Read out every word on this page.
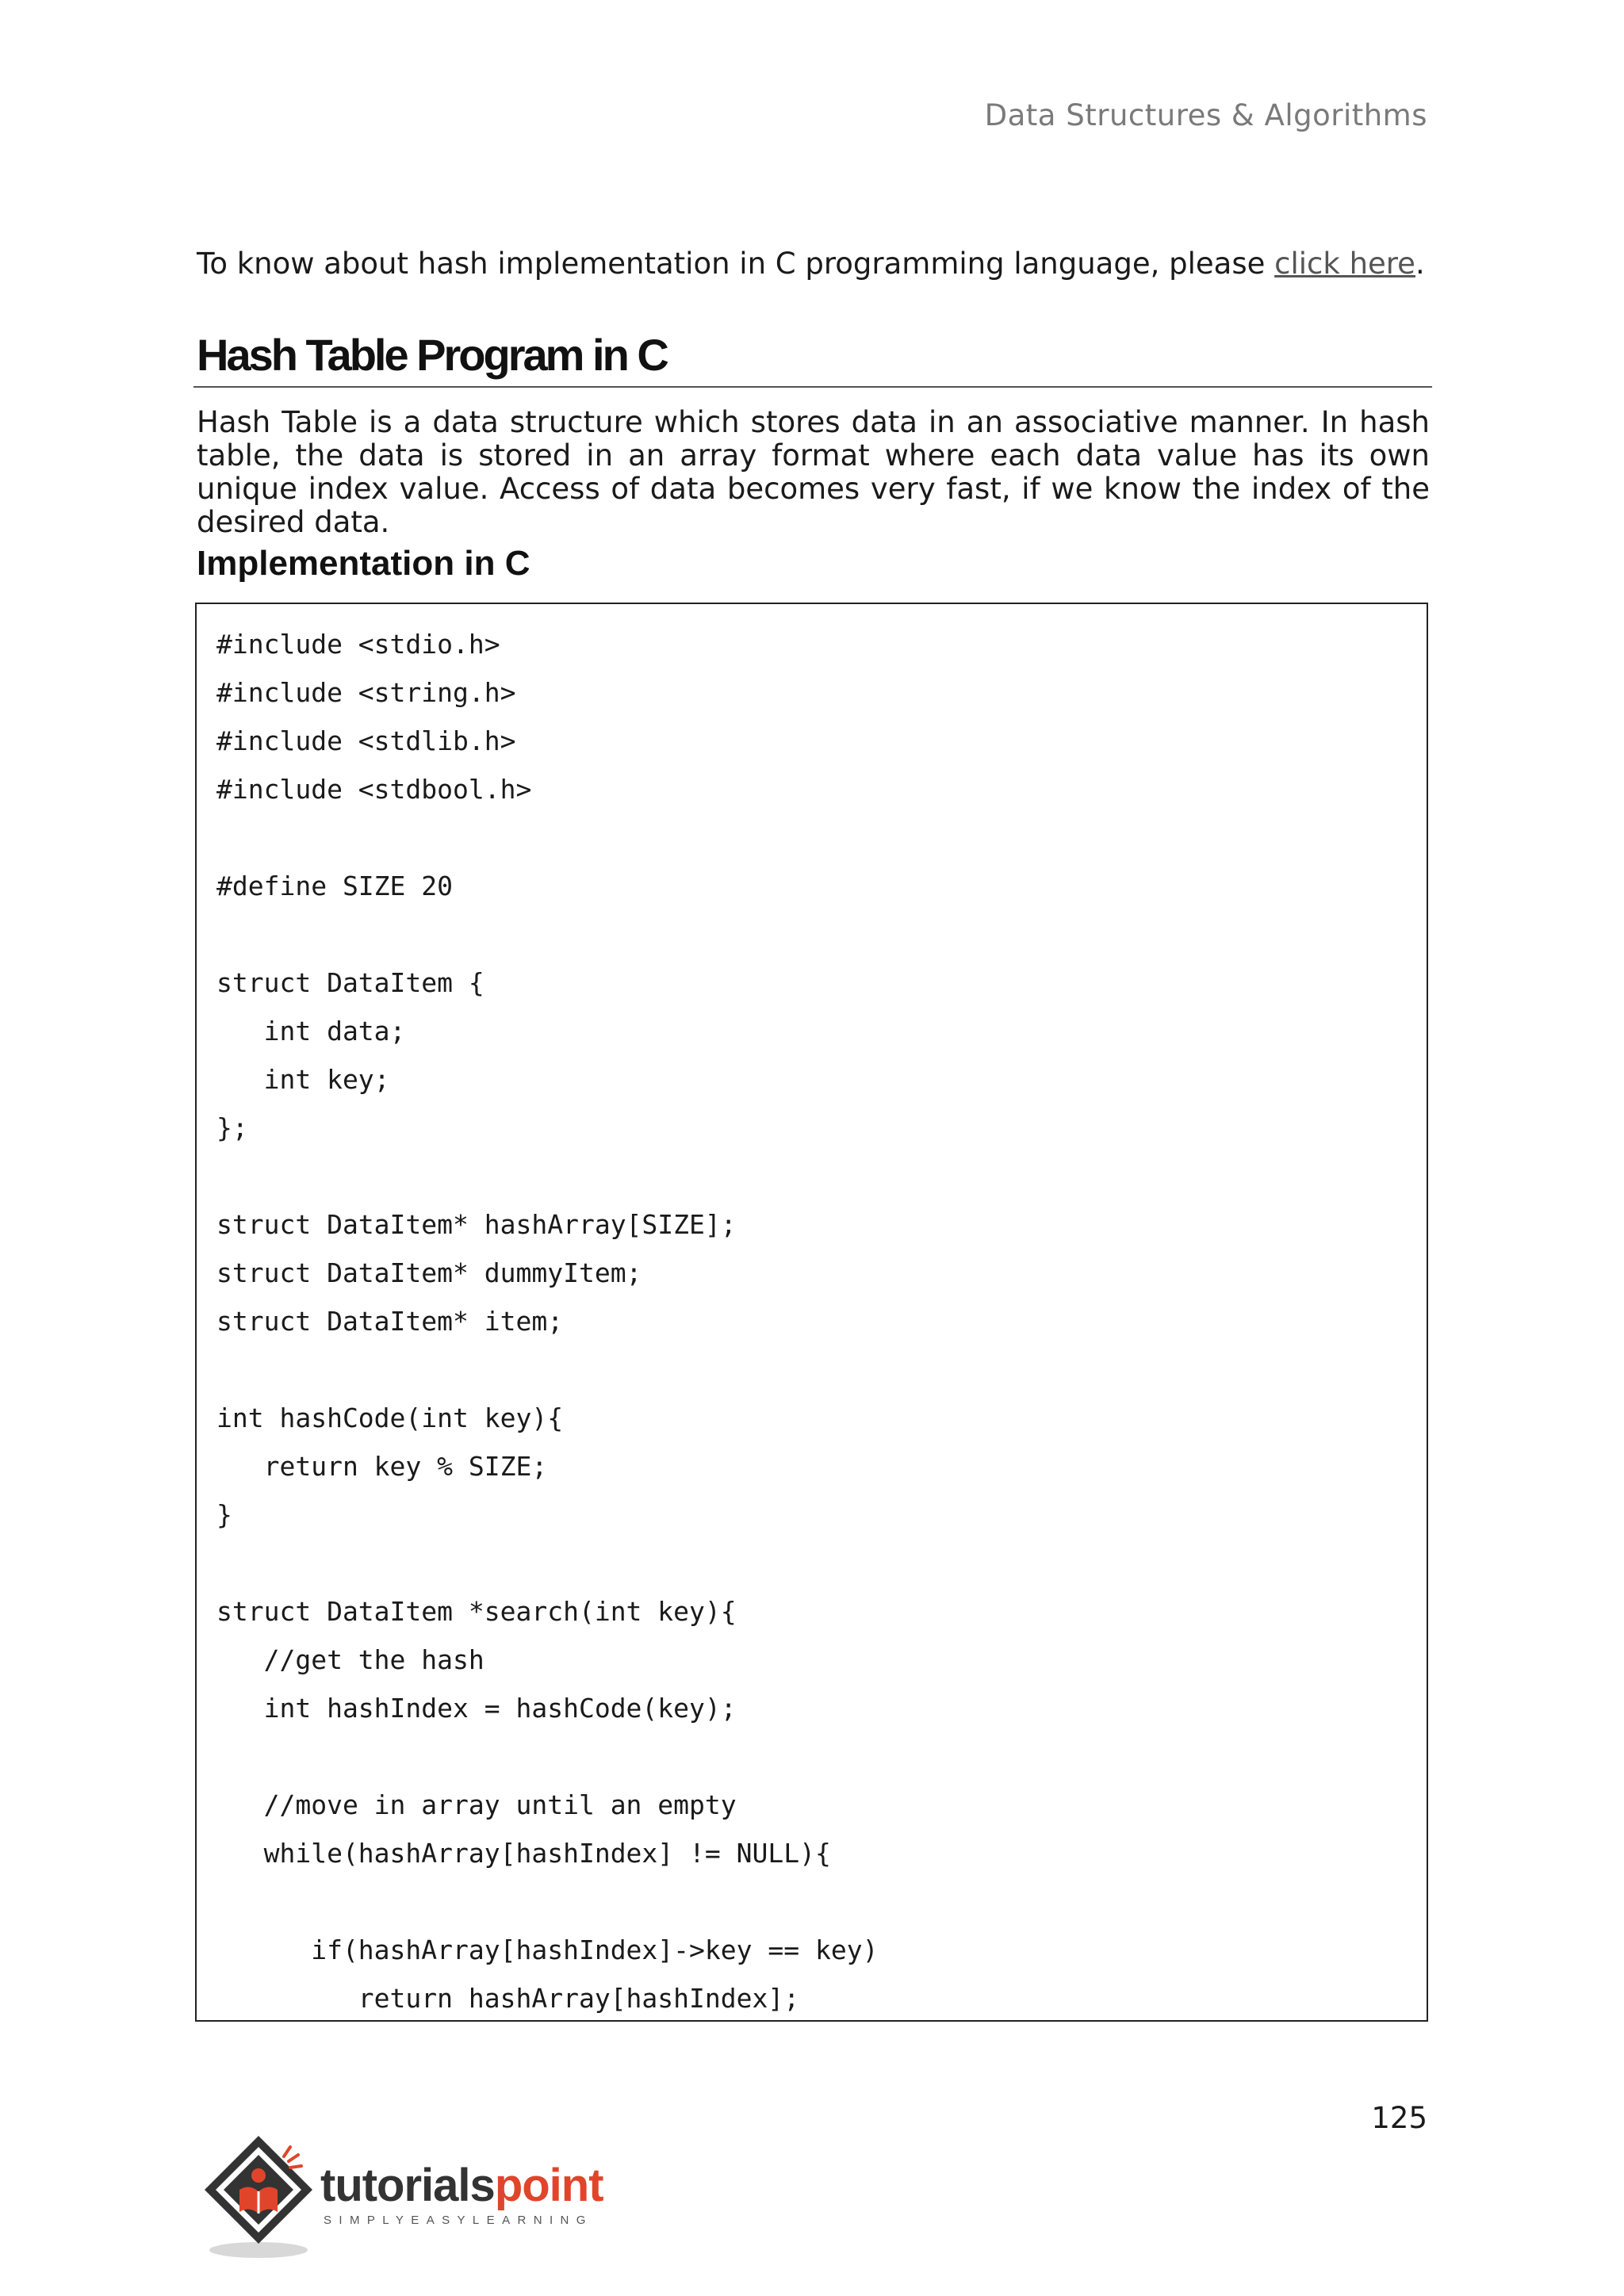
Data Structures & Algorithms
To know about hash implementation in C programming language, please click here.
Hash Table Program in C

Hash Table is a data structure which stores data in an associative manner. In hash table, the data is stored in an array format where each data value has its own unique index value. Access of data becomes very fast, if we know the index of the desired data.

Implementation in C
#include <stdio.h>
#include <string.h>
#include <stdlib.h>
#include <stdbool.h>
#define SIZE 20
struct DataItem {
int data;
int key;
};
struct DataItem* hashArray[SIZE];
struct DataItem* dummyItem;
struct DataItem* item;
int hashCode(int key){
return key % SIZE;
}
struct DataItem *search(int key){
//get the hash
int hashIndex = hashCode(key);
//move in array until an empty
while(hashArray[hashIndex] != NULL){
if(hashArray[hashIndex]->key == key)
return hashArray[hashIndex];
125
tutorialspoint
SIMPLYEASYLEARNING
